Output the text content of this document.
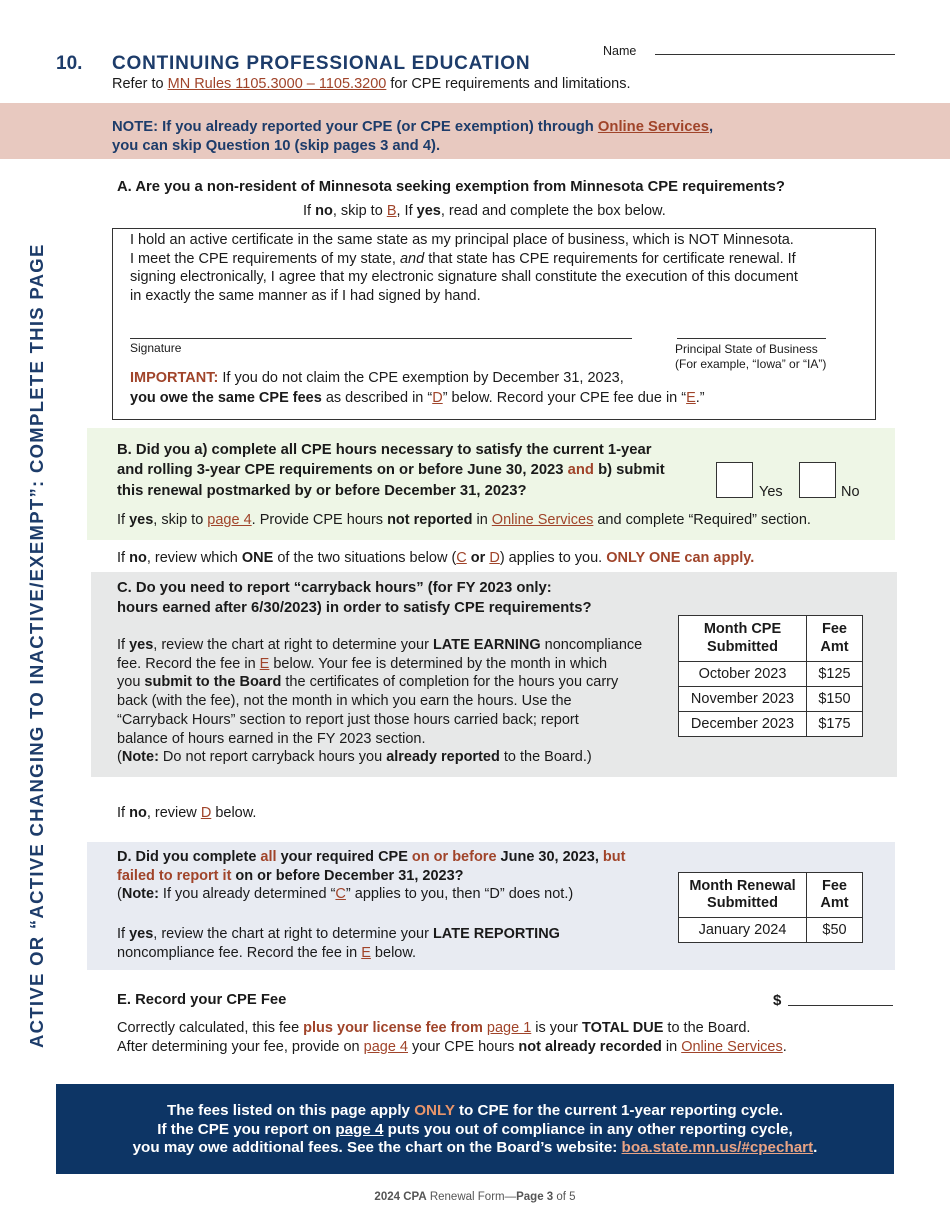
10. CONTINUING PROFESSIONAL EDUCATION
Refer to MN Rules 1105.3000 – 1105.3200 for CPE requirements and limitations.
Name
NOTE: If you already reported your CPE (or CPE exemption) through Online Services,
you can skip Question 10 (skip pages 3 and 4).
ACTIVE OR “ACTIVE CHANGING TO INACTIVE/EXEMPT”: COMPLETE THIS PAGE
A. Are you a non-resident of Minnesota seeking exemption from Minnesota CPE requirements?
If no, skip to B, If yes, read and complete the box below.
I hold an active certificate in the same state as my principal place of business, which is NOT Minnesota.
I meet the CPE requirements of my state, and that state has CPE requirements for certificate renewal. If
signing electronically, I agree that my electronic signature shall constitute the execution of this document
in exactly the same manner as if I had signed by hand.
Signature	Principal State of Business
(For example, “Iowa” or “IA”)
IMPORTANT: If you do not claim the CPE exemption by December 31, 2023,
you owe the same CPE fees as described in “D” below. Record your CPE fee due in “E.”
B. Did you a) complete all CPE hours necessary to satisfy the current 1-year
and rolling 3-year CPE requirements on or before June 30, 2023 and b) submit
this renewal postmarked by or before December 31, 2023?	Yes	No
If yes, skip to page 4. Provide CPE hours not reported in Online Services and complete “Required” section.
If no, review which ONE of the two situations below (C or D) applies to you. ONLY ONE can apply.
C. Do you need to report “carryback hours” (for FY 2023 only:
hours earned after 6/30/2023) in order to satisfy CPE requirements?
If yes, review the chart at right to determine your LATE EARNING noncompliance
fee. Record the fee in E below. Your fee is determined by the month in which
you submit to the Board the certificates of completion for the hours you carry
back (with the fee), not the month in which you earn the hours. Use the
“Carryback Hours” section to report just those hours carried back; report
balance of hours earned in the FY 2023 section.
(Note: Do not report carryback hours you already reported to the Board.)
Month CPE Submitted	Fee Amt
October 2023	$125
November 2023	$150
December 2023	$175
If no, review D below.
D. Did you complete all your required CPE on or before June 30, 2023, but
failed to report it on or before December 31, 2023?
(Note: If you already determined “C” applies to you, then “D” does not.)
If yes, review the chart at right to determine your LATE REPORTING
noncompliance fee. Record the fee in E below.
Month Renewal Submitted	Fee Amt
January 2024	$50
E. Record your CPE Fee	$
Correctly calculated, this fee plus your license fee from page 1 is your TOTAL DUE to the Board.
After determining your fee, provide on page 4 your CPE hours not already recorded in Online Services.
The fees listed on this page apply ONLY to CPE for the current 1-year reporting cycle.
If the CPE you report on page 4 puts you out of compliance in any other reporting cycle,
you may owe additional fees. See the chart on the Board’s website: boa.state.mn.us/#cpechart.
2024 CPA Renewal Form—Page 3 of 5
